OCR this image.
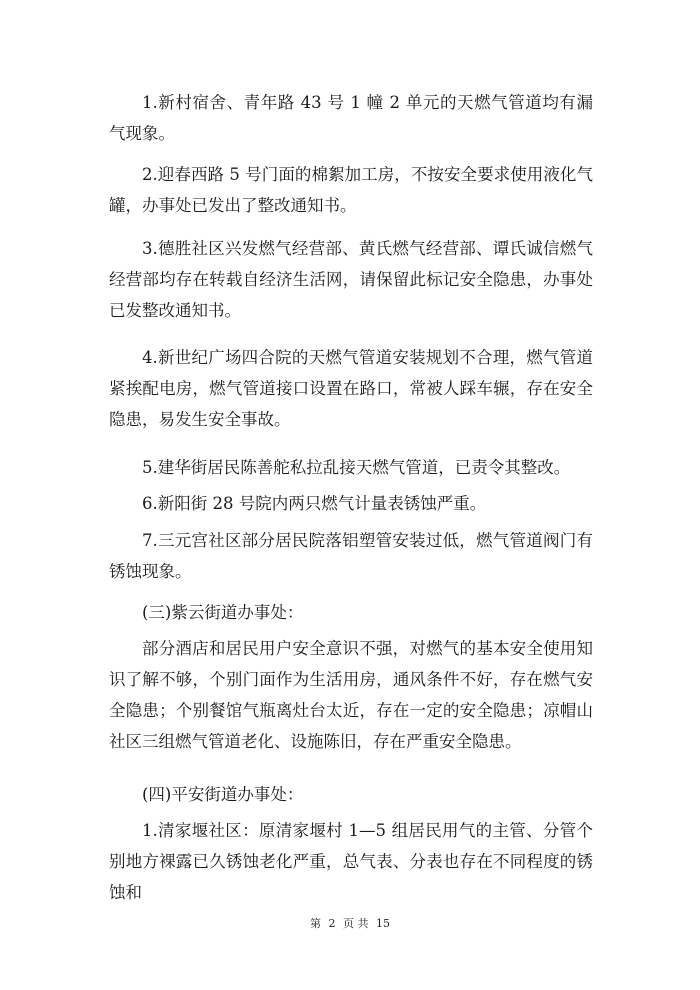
1.新村宿舍、青年路 43 号 1 幢 2 单元的天燃气管道均有漏气现象。

2.迎春西路 5 号门面的棉絮加工房，不按安全要求使用液化气罐，办事处已发出了整改通知书。

3.德胜社区兴发燃气经营部、黄氏燃气经营部、谭氏诚信燃气经营部均存在转载自经济生活网，请保留此标记安全隐患，办事处已发整改通知书。

4.新世纪广场四合院的天燃气管道安装规划不合理，燃气管道紧挨配电房，燃气管道接口设置在路口，常被人踩车辗，存在安全隐患，易发生安全事故。

5.建华街居民陈善舵私拉乱接天燃气管道，已责令其整改。

6.新阳街 28 号院内两只燃气计量表锈蚀严重。

7.三元宫社区部分居民院落铝塑管安装过低，燃气管道阀门有锈蚀现象。

(三)紫云街道办事处：

部分酒店和居民用户安全意识不强，对燃气的基本安全使用知识了解不够，个别门面作为生活用房，通风条件不好，存在燃气安全隐患；个别餐馆气瓶离灶台太近，存在一定的安全隐患；凉帽山社区三组燃气管道老化、设施陈旧，存在严重安全隐患。

(四)平安街道办事处：

1.清家堰社区：原清家堰村 1—5 组居民用气的主管、分管个别地方裸露已久锈蚀老化严重，总气表、分表也存在不同程度的锈蚀和

第 2 页 共 15
